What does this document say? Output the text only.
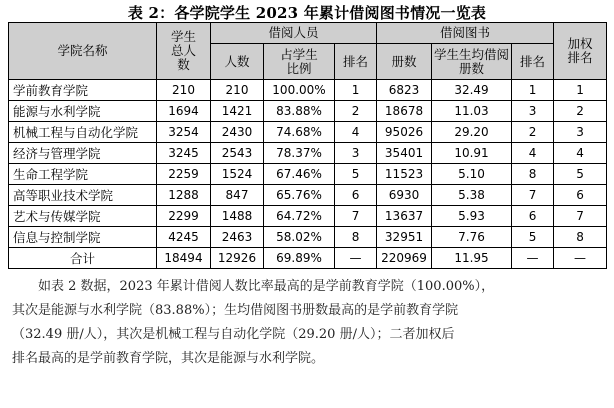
表 2：各学院学生 2023 年累计借阅图书情况一览表
学院名称	学生总人数	借阅人员			借阅图书			加权排名
		人数	占学生比例	排名	册数	学生生均借阅册数	排名	
学前教育学院	210	210	100.00%	1	6823	32.49	1	1
能源与水利学院	1694	1421	83.88%	2	18678	11.03	3	2
机械工程与自动化学院	3254	2430	74.68%	4	95026	29.20	2	3
经济与管理学院	3245	2543	78.37%	3	35401	10.91	4	4
生命工程学院	2259	1524	67.46%	5	11523	5.10	8	5
高等职业技术学院	1288	847	65.76%	6	6930	5.38	7	6
艺术与传媒学院	2299	1488	64.72%	7	13637	5.93	6	7
信息与控制学院	4245	2463	58.02%	8	32951	7.76	5	8
合计	18494	12926	69.89%	—	220969	11.95	—	—

如表 2 数据，2023 年累计借阅人数比率最高的是学前教育学院（100.00%），

其次是能源与水利学院（83.88%）；生均借阅图书册数最高的是学前教育学院

（32.49 册/人），其次是机械工程与自动化学院（29.20 册/人）；二者加权后

排名最高的是学前教育学院，其次是能源与水利学院。
